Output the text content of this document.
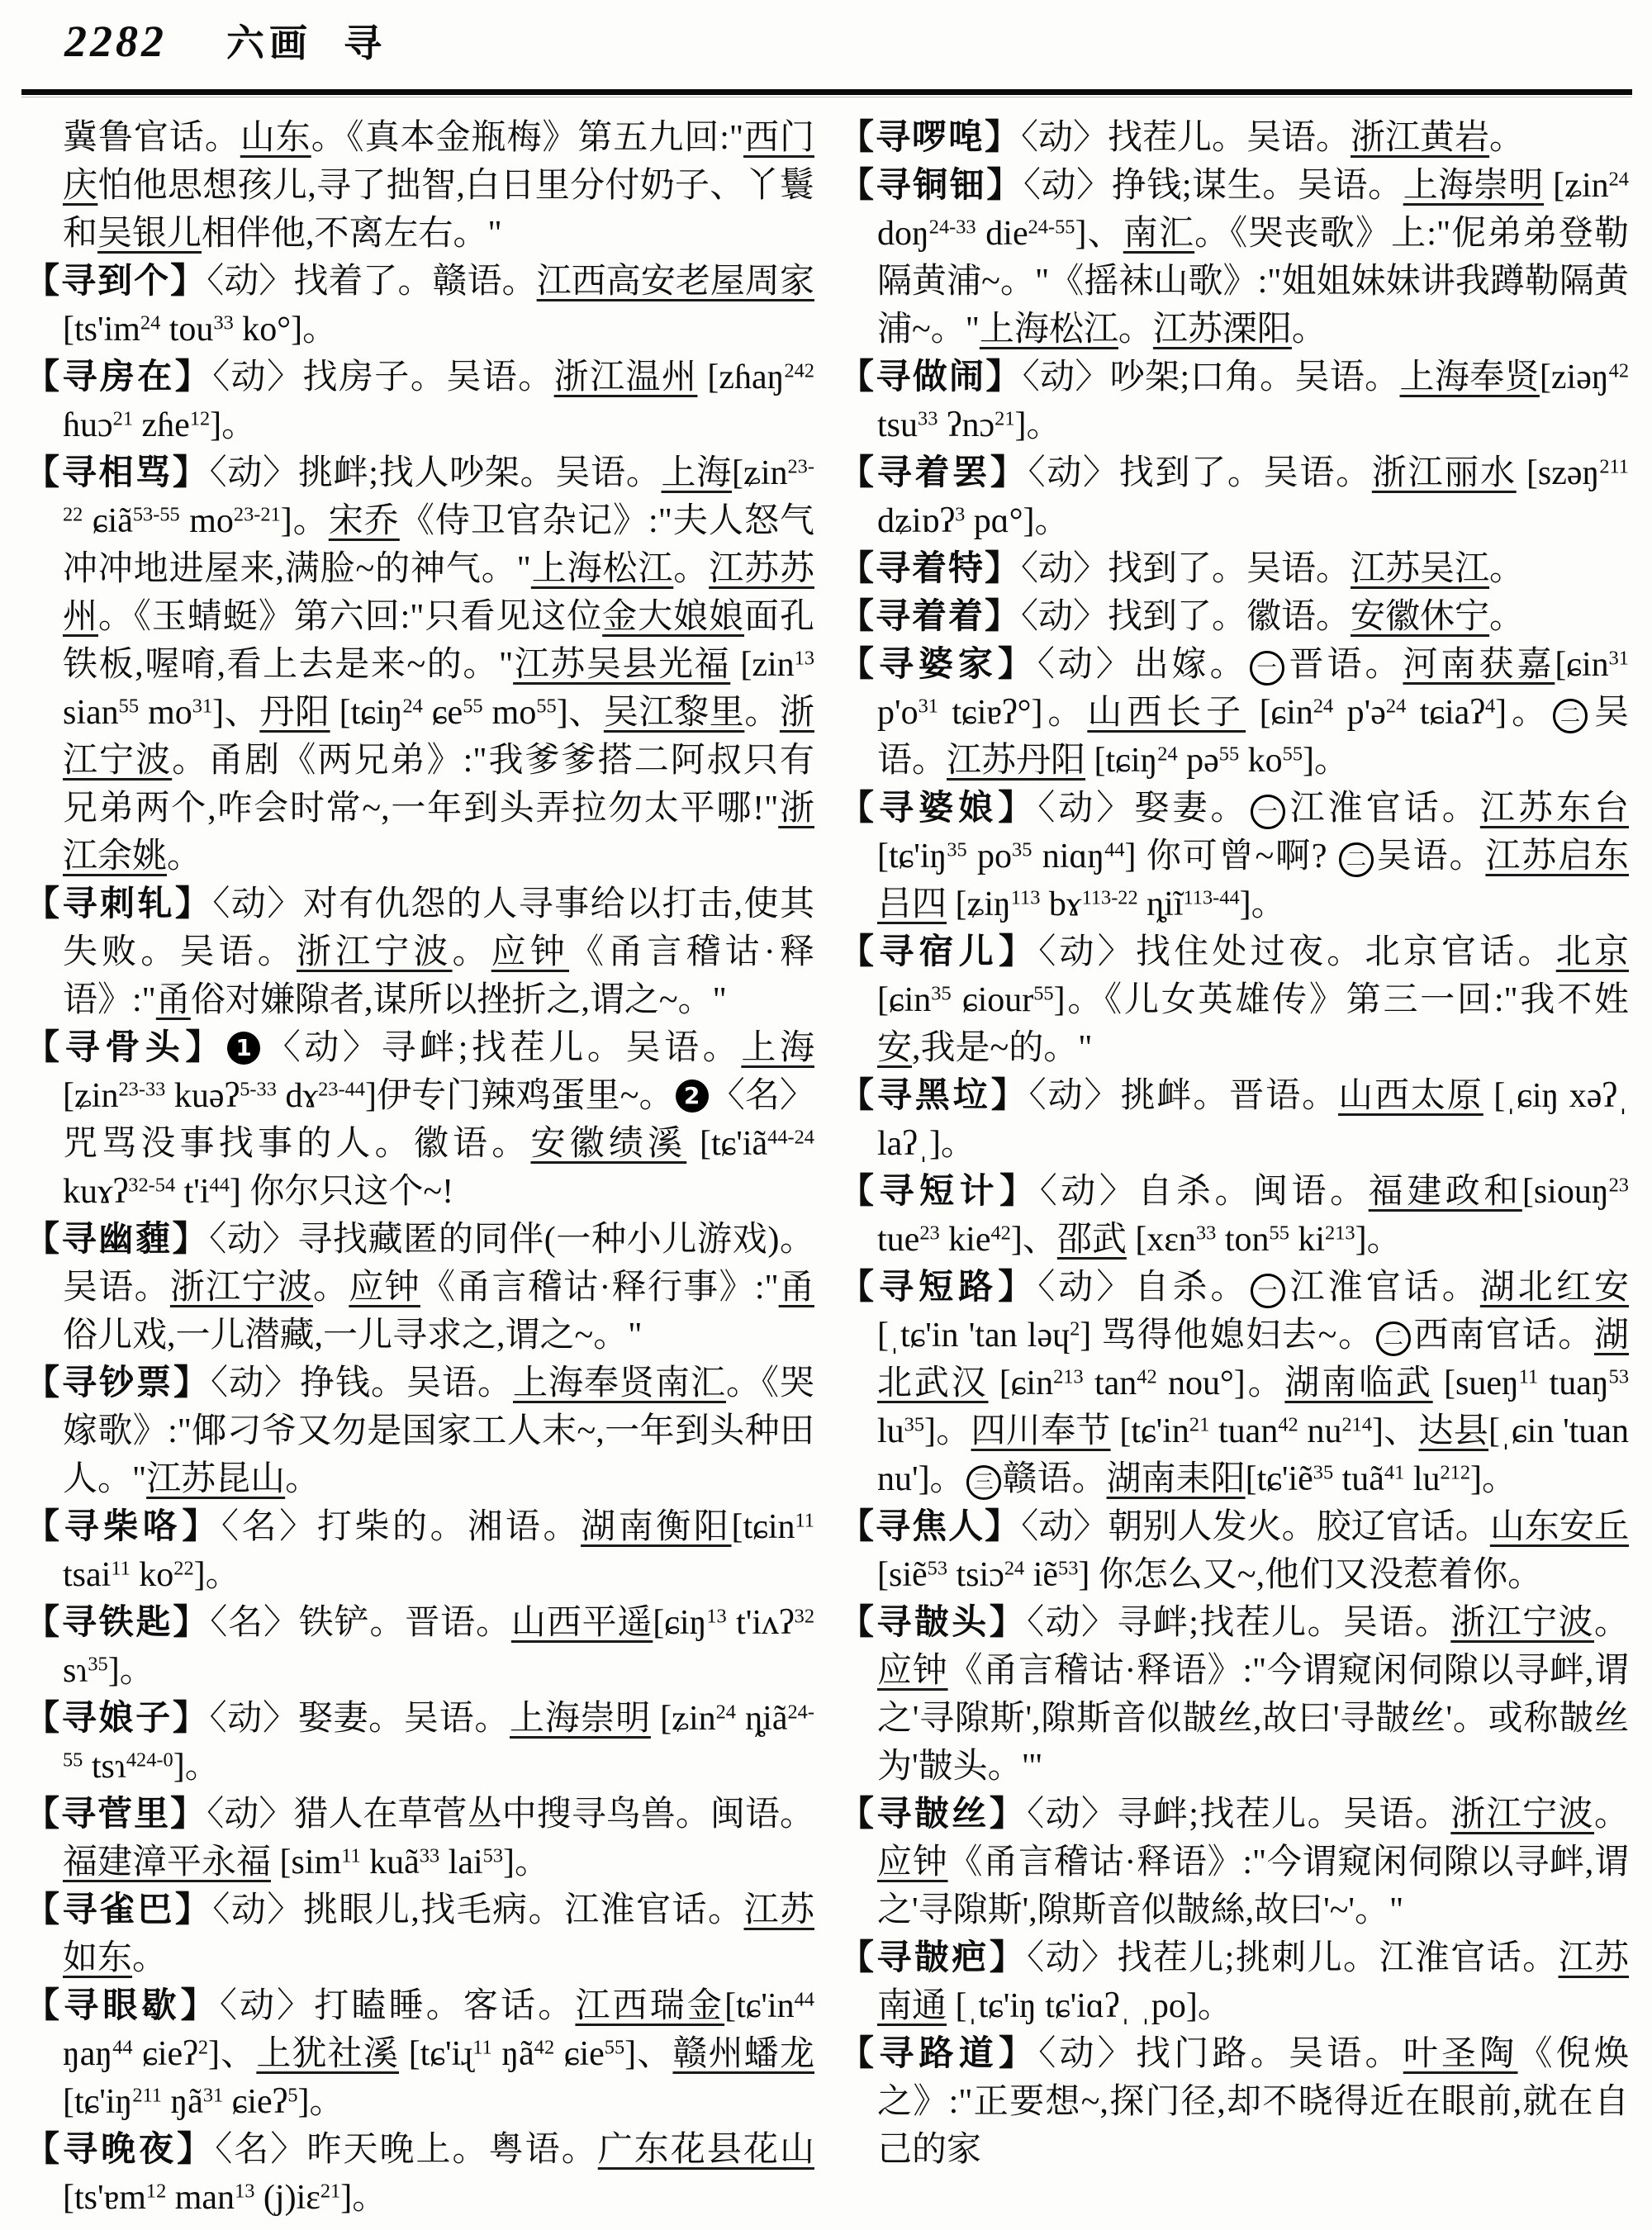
2282 六画 寻

冀鲁官话。山东。《真本金瓶梅》第五九回:"西门庆怕他思想孩儿,寻了拙智,白日里分付奶子、丫鬟和吴银儿相伴他,不离左右。"

【寻到个】〈动〉找着了。赣语。江西高安老屋周家 [$ts'im^{24}$ tou$^{33}$ ko°]。

【寻房在】〈动〉找房子。吴语。浙江温州 [zɦaŋ$^{242}$ ɦuɔ$^{21}$ zɦe$^{12}$]。

【寻相骂】〈动〉挑衅;找人吵架。吴语。上海[ʑin$^{23-22}$ ɕiã$^{53-55}$ $mo^{23-21}$]。宋乔《侍卫官杂记》:"夫人怒气冲冲地进屋来,满脸~的神气。"上海松江。江苏苏州。《玉蜻蜓》第六回:"只看见这位金大娘娘面孔铁板,喔唷,看上去是来~的。"江苏吴县光福 [zin$^{13}$ sian$^{55}$ $mo^{31}$]、丹阳 [tɕiŋ$^{24}$ ɕe$^{55}$ $mo^{55}$]、吴江黎里。浙江宁波。甬剧《两兄弟》:"我爹爹搭二阿叔只有兄弟两个,咋会时常~,一年到头弄拉勿太平哪!"浙江余姚。

【寻刺轧】〈动〉对有仇怨的人寻事给以打击,使其失败。吴语。浙江宁波。应钟《甬言稽诂·释语》:"甬俗对嫌隙者,谋所以挫折之,谓之~。"

【寻骨头】 1 〈动〉寻衅;找茬儿。吴语。上海[ʑin$^{23-33}$ kuəʔ$^{5-33}$ dɤ$^{23-44}$]伊专门辣鸡蛋里~。 2 〈名〉咒骂没事找事的人。徽语。安徽绩溪 [$tɕ'iã^{44-24}$ kuɤʔ$^{32-54}$ $t'i^{44}$] 你尔只这个~!

【寻幽薶】〈动〉寻找藏匿的同伴(一种小儿游戏)。吴语。浙江宁波。应钟《甬言稽诂·释行事》:"甬俗儿戏,一儿潜藏,一儿寻求之,谓之~。"

【寻钞票】〈动〉挣钱。吴语。上海奉贤南汇。《哭嫁歌》:"倻刁爷又勿是国家工人末~,一年到头种田人。"江苏昆山。

【寻柴咯】〈名〉打柴的。湘语。湖南衡阳[tɕin$^{11}$ tsai$^{11}$ $ko^{22}$]。

【寻铁匙】〈名〉铁铲。晋语。山西平遥[ɕiŋ$^{13}$ t'iʌʔ$^{32}$ sɿ$^{35}$]。

【寻娘子】〈动〉娶妻。吴语。上海崇明 [ʑin$^{24}$ ȵiã$^{24-55}$ tsɿ$^{424-0}$]。

【寻菅里】〈动〉猎人在草菅丛中搜寻鸟兽。闽语。福建漳平永福 [sim$^{11}$ kuã$^{33}$ lai$^{53}$]。

【寻雀巴】〈动〉挑眼儿,找毛病。江淮官话。江苏如东。

【寻眼歇】〈动〉打瞌睡。客话。江西瑞金[$tɕ'in^{44}$ ŋaŋ$^{44}$ ɕieʔ$^2$]、上犹社溪 [tɕ'iɻ$^{11}$ $ŋã^{42}$ ɕie$^{55}$]、赣州蟠龙 [$tɕ'iŋ^{211}$ $ŋã^{31}$ ɕieʔ$^5$]。

【寻晚夜】〈名〉昨天晚上。粤语。广东花县花山 [ts'ɐm$^{12}$ man$^{13}$ (j)iɛ$^{21}$]。

【寻啰唣】〈动〉找茬儿。吴语。浙江黄岩。

【寻铜钿】〈动〉挣钱;谋生。吴语。上海崇明 [ʑin$^{24}$ doŋ$^{24-33}$ die$^{24-55}$]、南汇。《哭丧歌》上:"伲弟弟登勒隔黄浦~。"《摇袜山歌》:"姐姐妹妹讲我蹲勒隔黄浦~。"上海松江。江苏溧阳。

【寻做闹】〈动〉吵架;口角。吴语。上海奉贤[ziəŋ$^{42}$ tsu$^{33}$ ʔnɔ$^{21}$]。

【寻着罢】〈动〉找到了。吴语。浙江丽水 [szəŋ$^{211}$ dʑiɒʔ$^3$ pɑ°]。

【寻着特】〈动〉找到了。吴语。江苏吴江。

【寻着着】〈动〉找到了。徽语。安徽休宁。

【寻婆家】〈动〉出嫁。 一 晋语。河南获嘉[ɕin$^{31}$ $p'o^{31}$ tɕiɐʔ°]。山西长子 [ɕin$^{24}$ p'ə$^{24}$ tɕiaʔ$^4$]。 二 吴语。江苏丹阳 [tɕiŋ$^{24}$ pə$^{55}$ $ko^{55}$]。

【寻婆娘】〈动〉娶妻。 一 江淮官话。江苏东台 [$tɕ'iŋ^{35}$ $po^{35}$ niɑŋ$^{44}$] 你可曾~啊? 二 吴语。江苏启东吕四 [ʑiŋ$^{113}$ bɤ$^{113-22}$ ȵiĩ$^{113-44}$]。

【寻宿儿】〈动〉找住处过夜。北京官话。北京 [ɕin$^{35}$ ɕiour$^{55}$]。《儿女英雄传》第三一回:"我不姓安,我是~的。"

【寻黑垃】〈动〉挑衅。晋语。山西太原 [ˌɕiŋ xəʔˌ laʔˌ]。

【寻短计】〈动〉自杀。闽语。福建政和[siouŋ$^{23}$ tue$^{23}$ kie$^{42}$]、邵武 [xɛn$^{33}$ ton$^{55}$ $ki^{213}$]。

【寻短路】〈动〉自杀。 一 江淮官话。湖北红安[ˌtɕ'in 'tan ləɥ$^2$] 骂得他媳妇去~。 二 西南官话。湖北武汉 [ɕin$^{213}$ $\tan^{42} nou^\circ$]。湖南临武 [sueŋ$^{11}$ tuaŋ$^{53}$ $lu^{35}$]。四川奉节 [$tɕ'in^{21}$ tuan$^{42}$ $nu^{214}$]、达县[ˌɕin 'tuan nu']。 三 赣语。湖南耒阳[tɕ'iẽ$^{35}$ tuã$^{41}$ $lu^{212}$]。

【寻焦人】〈动〉朝别人发火。胶辽官话。山东安丘 [siẽ$^{53}$ tsiɔ$^{24}$ iẽ$^{53}$] 你怎么又~,他们又没惹着你。

【寻皵头】〈动〉寻衅;找茬儿。吴语。浙江宁波。应钟《甬言稽诂·释语》:"今谓窥闲伺隙以寻衅,谓之'寻隙斯',隙斯音似皵丝,故曰'寻皵丝'。或称皵丝为'皵头。'"

【寻皵丝】〈动〉寻衅;找茬儿。吴语。浙江宁波。应钟《甬言稽诂·释语》:"今谓窥闲伺隙以寻衅,谓之'寻隙斯',隙斯音似皵絲,故曰'~'。"

【寻皵疤】〈动〉找茬儿;挑刺儿。江淮官话。江苏南通 [ˌtɕ'iŋ tɕ'iɑʔˌ ˌpo]。

【寻路道】〈动〉找门路。吴语。叶圣陶《倪焕之》:"正要想~,探门径,却不晓得近在眼前,就在自己的家
